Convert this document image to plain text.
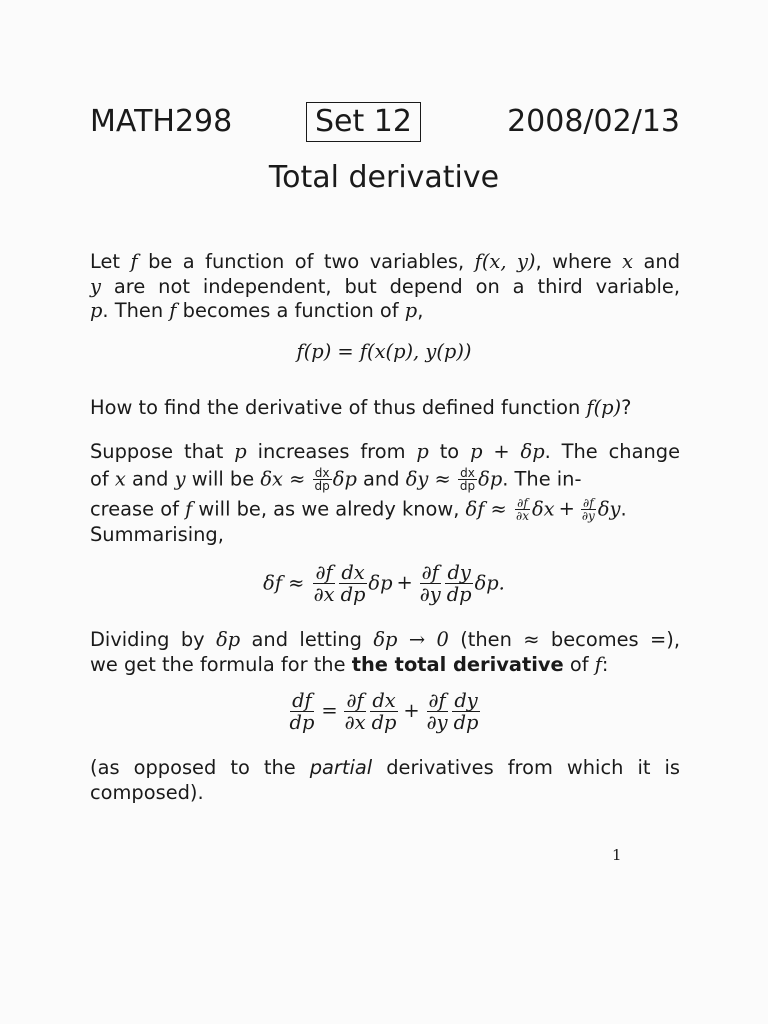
MATH298	Set 12	2008/02/13
Total derivative
Let f be a function of two variables, f(x, y), where x and
y are not independent, but depend on a third variable,
p. Then f becomes a function of p,
f(p) = f(x(p), y(p))
How to find the derivative of thus defined function f(p)?
Suppose that p increases from p to p + δp. The change
of x and y will be $\delta x \approx \frac{dx}{dp}$ δp and $\delta y \approx \frac{dx}{dp} \delta p$. The in-
crease of f will be, as we alredy know, $\delta f \approx \frac{\partial f}{\partial x}$ $\delta x + \frac{\partial f}{\partial y} \delta y$.
Summarising,
$\delta f \approx \frac{\partial f}{\partial x} \frac{dx}{dp}$ $\delta p + \frac{\partial f}{\partial y} \frac{dy}{dp} \delta p$.
Dividing by δp and letting δp → 0 (then ≈ becomes =),
we get the formula for the the total derivative of f:
$\frac{df}{dp} = \frac{\partial f}{\partial x} \frac{dx}{dp} + \frac{\partial f}{\partial y} \frac{dy}{dp}$
(as opposed to the partial derivatives from which it is
composed).
1
